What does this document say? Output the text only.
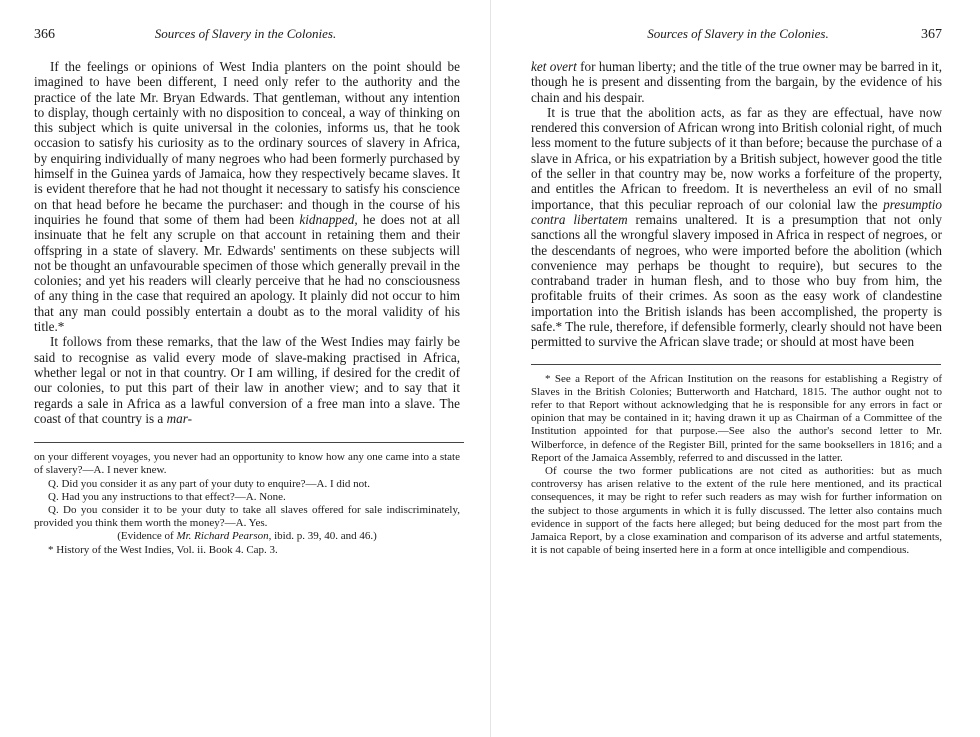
366	Sources of Slavery in the Colonies.

If the feelings or opinions of West India planters on the point should be imagined to have been different, I need only refer to the authority and the practice of the late Mr. Bryan Edwards. That gentleman, without any intention to display, though certainly with no disposition to conceal, a way of thinking on this subject which is quite universal in the colonies, informs us, that he took occasion to satisfy his curiosity as to the ordinary sources of slavery in Africa, by enquiring individually of many negroes who had been formerly purchased by himself in the Guinea yards of Jamaica, how they respectively became slaves. It is evident therefore that he had not thought it necessary to satisfy his conscience on that head before he became the purchaser: and though in the course of his inquiries he found that some of them had been kidnapped, he does not at all insinuate that he felt any scruple on that account in retaining them and their offspring in a state of slavery. Mr. Edwards' sentiments on these subjects will not be thought an unfavourable specimen of those which generally prevail in the colonies; and yet his readers will clearly perceive that he had no consciousness of any thing in the case that required an apology. It plainly did not occur to him that any man could possibly entertain a doubt as to the moral validity of his title.*

It follows from these remarks, that the law of the West Indies may fairly be said to recognise as valid every mode of slave-making practised in Africa, whether legal or not in that country. Or I am willing, if desired for the credit of our colonies, to put this part of their law in another view; and to say that it regards a sale in Africa as a lawful conversion of a free man into a slave. The coast of that country is a mar-

on your different voyages, you never had an opportunity to know how any one came into a state of slavery?—A. I never knew.

Q. Did you consider it as any part of your duty to enquire?—A. I did not.

Q. Had you any instructions to that effect?—A. None.

Q. Do you consider it to be your duty to take all slaves offered for sale indiscriminately, provided you think them worth the money?—A. Yes.

(Evidence of Mr. Richard Pearson, ibid. p. 39, 40. and 46.)

* History of the West Indies, Vol. ii. Book 4. Cap. 3.

Sources of Slavery in the Colonies.	367

ket overt for human liberty; and the title of the true owner may be barred in it, though he is present and dissenting from the bargain, by the evidence of his chain and his despair.

It is true that the abolition acts, as far as they are effectual, have now rendered this conversion of African wrong into British colonial right, of much less moment to the future subjects of it than before; because the purchase of a slave in Africa, or his expatriation by a British subject, however good the title of the seller in that country may be, now works a forfeiture of the property, and entitles the African to freedom. It is nevertheless an evil of no small importance, that this peculiar reproach of our colonial law the presumptio contra libertatem remains unaltered. It is a presumption that not only sanctions all the wrongful slavery imposed in Africa in respect of negroes, or the descendants of negroes, who were imported before the abolition (which convenience may perhaps be thought to require), but secures to the contraband trader in human flesh, and to those who buy from him, the profitable fruits of their crimes. As soon as the easy work of clandestine importation into the British islands has been accomplished, the property is safe.* The rule, therefore, if defensible formerly, clearly should not have been permitted to survive the African slave trade; or should at most have been

* See a Report of the African Institution on the reasons for establishing a Registry of Slaves in the British Colonies; Butterworth and Hatchard, 1815. The author ought not to refer to that Report without acknowledging that he is responsible for any errors in fact or opinion that may be contained in it; having drawn it up as Chairman of a Committee of the Institution appointed for that purpose.—See also the author's second letter to Mr. Wilberforce, in defence of the Register Bill, printed for the same booksellers in 1816; and a Report of the Jamaica Assembly, referred to and discussed in the latter.

Of course the two former publications are not cited as authorities: but as much controversy has arisen relative to the extent of the rule here mentioned, and its practical consequences, it may be right to refer such readers as may wish for further information on the subject to those arguments in which it is fully discussed. The letter also contains much evidence in support of the facts here alleged; but being deduced for the most part from the Jamaica Report, by a close examination and comparison of its adverse and artful statements, it is not capable of being inserted here in a form at once intelligible and compendious.
